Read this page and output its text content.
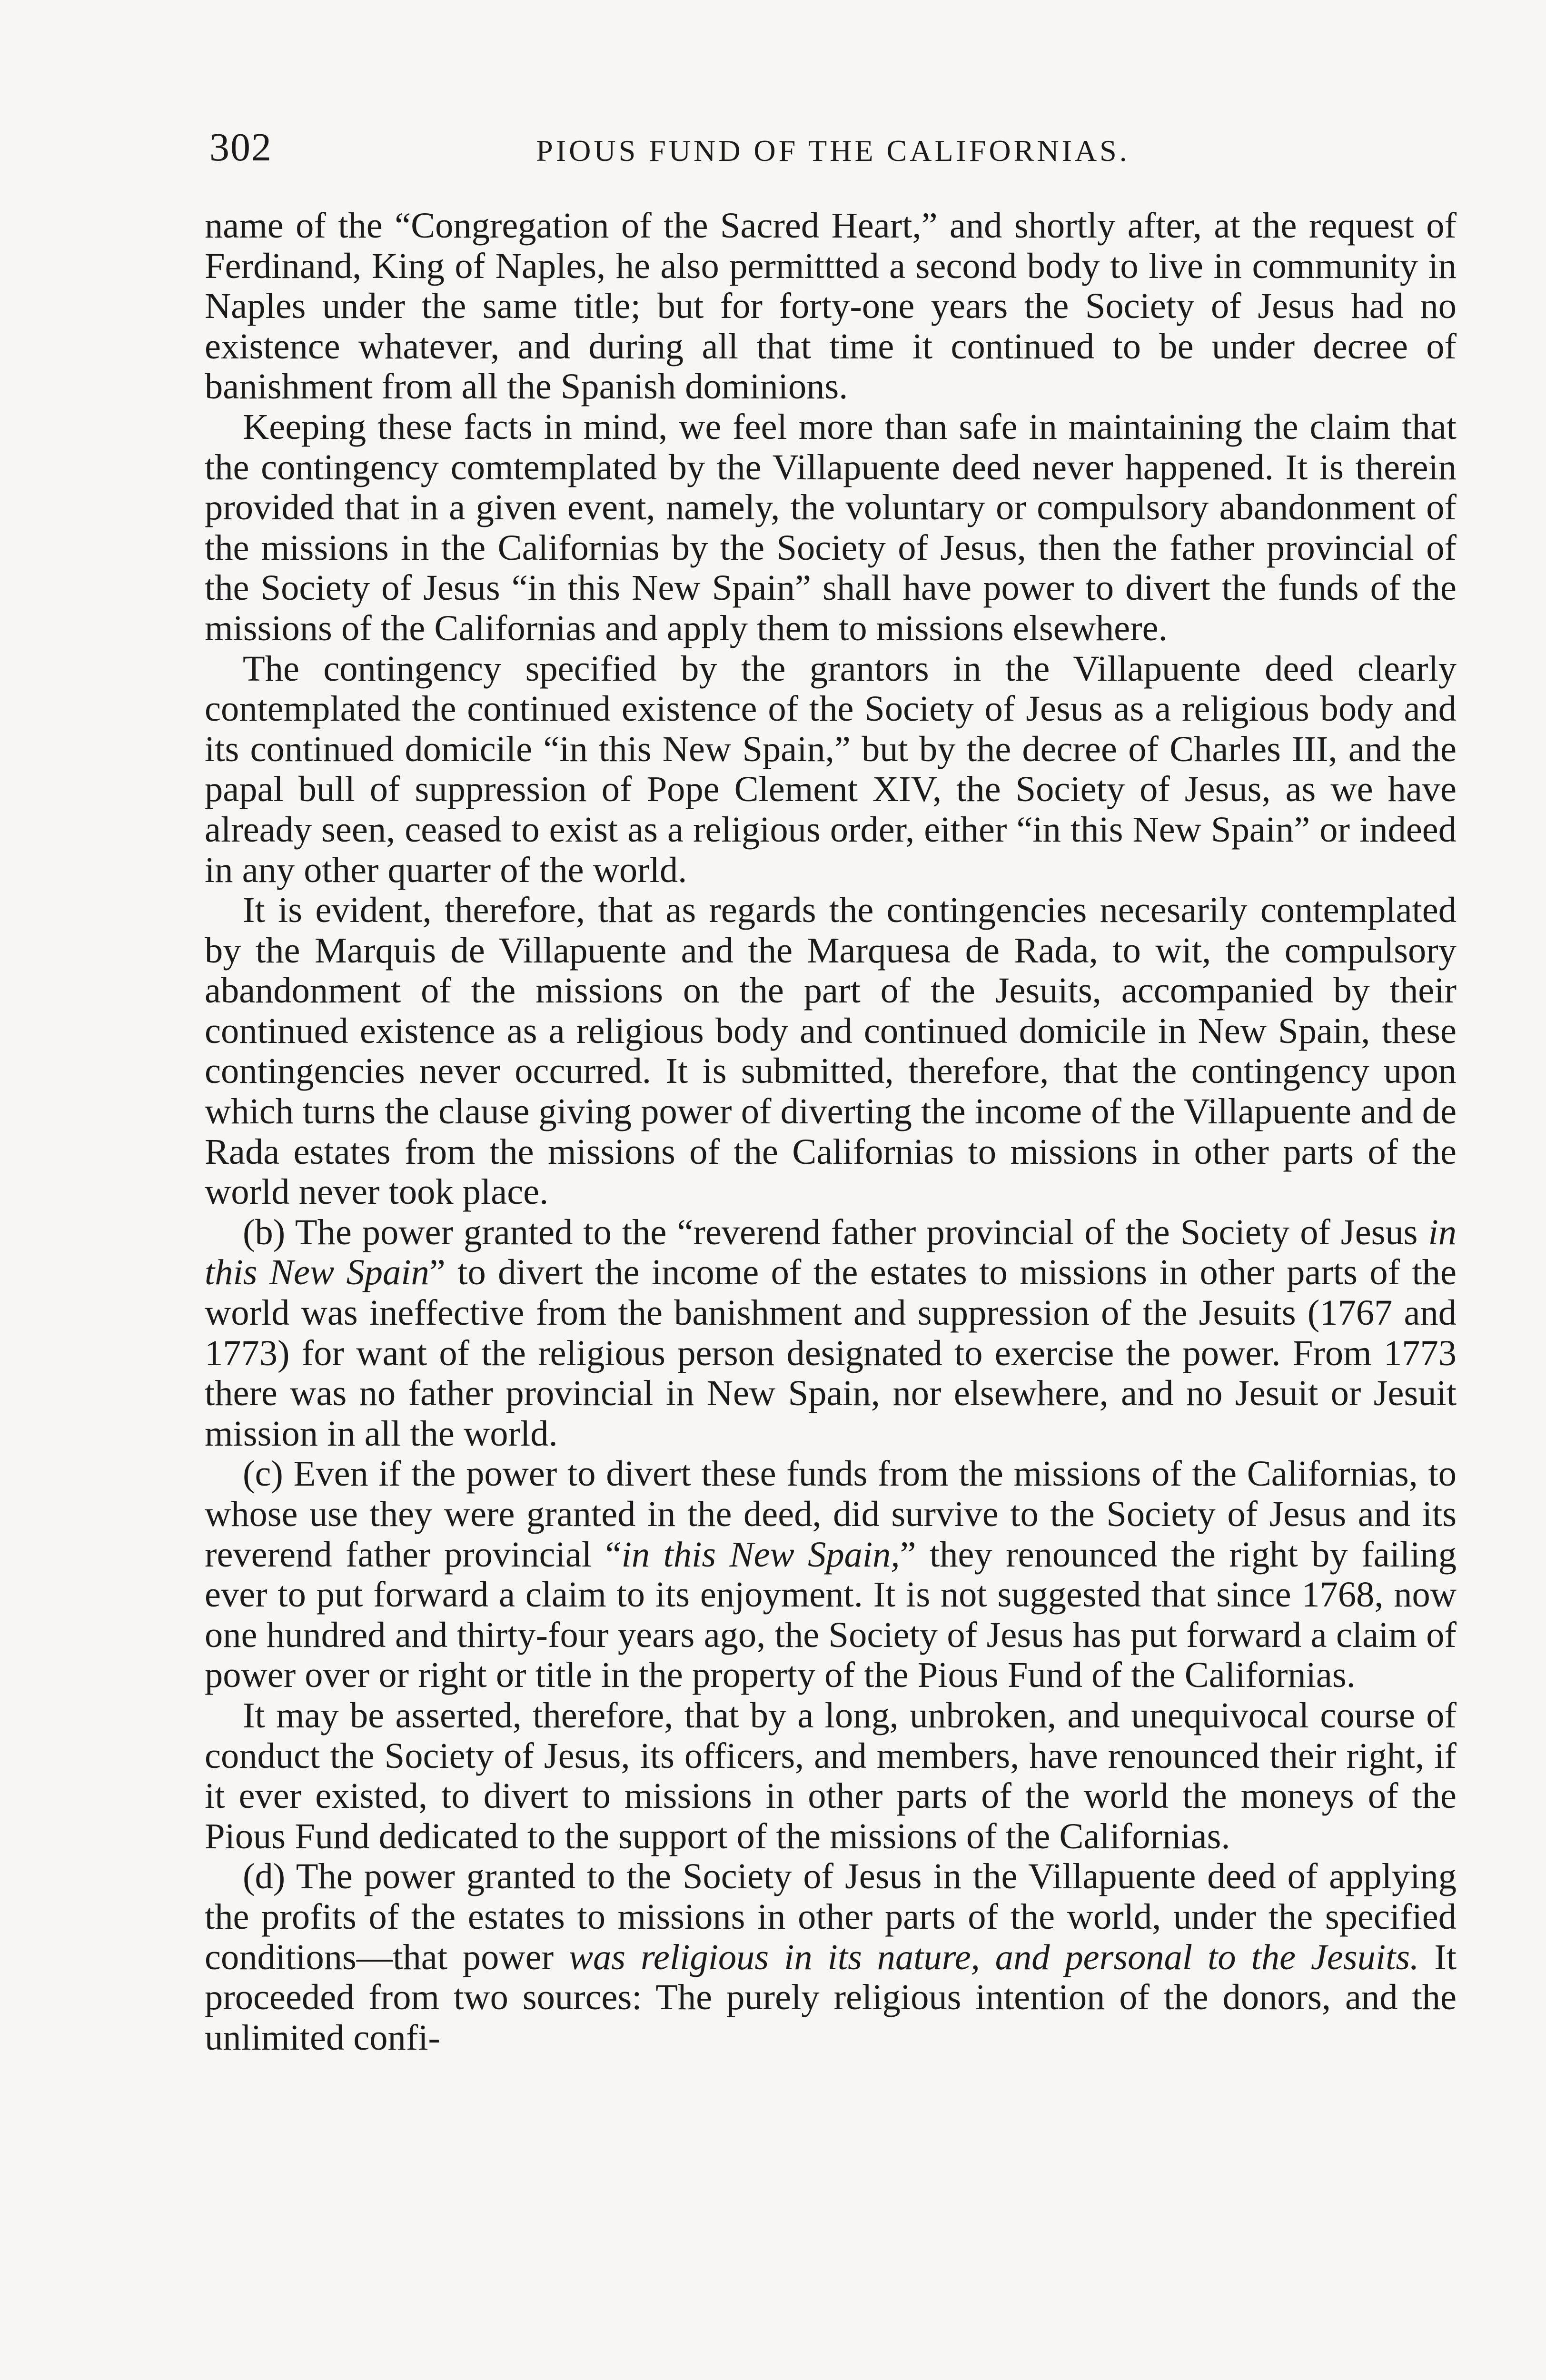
302	PIOUS FUND OF THE CALIFORNIAS.

name of the “Congregation of the Sacred Heart,” and shortly after, at the request of Ferdinand, King of Naples, he also permittted a second body to live in community in Naples under the same title; but for forty-one years the Society of Jesus had no existence whatever, and during all that time it continued to be under decree of banishment from all the Spanish dominions.

Keeping these facts in mind, we feel more than safe in maintaining the claim that the contingency comtemplated by the Villapuente deed never happened. It is therein provided that in a given event, namely, the voluntary or compulsory abandonment of the missions in the Californias by the Society of Jesus, then the father provincial of the Society of Jesus “in this New Spain” shall have power to divert the funds of the missions of the Californias and apply them to missions elsewhere.

The contingency specified by the grantors in the Villapuente deed clearly contemplated the continued existence of the Society of Jesus as a religious body and its continued domicile “in this New Spain,” but by the decree of Charles III, and the papal bull of suppression of Pope Clement XIV, the Society of Jesus, as we have already seen, ceased to exist as a religious order, either “in this New Spain” or indeed in any other quarter of the world.

It is evident, therefore, that as regards the contingencies necesarily contemplated by the Marquis de Villapuente and the Marquesa de Rada, to wit, the compulsory abandonment of the missions on the part of the Jesuits, accompanied by their continued existence as a religious body and continued domicile in New Spain, these contingencies never occurred. It is submitted, therefore, that the contingency upon which turns the clause giving power of diverting the income of the Villapuente and de Rada estates from the missions of the Californias to missions in other parts of the world never took place.

(b) The power granted to the “reverend father provincial of the Society of Jesus in this New Spain” to divert the income of the estates to missions in other parts of the world was ineffective from the banishment and suppression of the Jesuits (1767 and 1773) for want of the religious person designated to exercise the power. From 1773 there was no father provincial in New Spain, nor elsewhere, and no Jesuit or Jesuit mission in all the world.

(c) Even if the power to divert these funds from the missions of the Californias, to whose use they were granted in the deed, did survive to the Society of Jesus and its reverend father provincial “in this New Spain,” they renounced the right by failing ever to put forward a claim to its enjoyment. It is not suggested that since 1768, now one hundred and thirty-four years ago, the Society of Jesus has put forward a claim of power over or right or title in the property of the Pious Fund of the Californias.

It may be asserted, therefore, that by a long, unbroken, and unequivocal course of conduct the Society of Jesus, its officers, and members, have renounced their right, if it ever existed, to divert to missions in other parts of the world the moneys of the Pious Fund dedicated to the support of the missions of the Californias.

(d) The power granted to the Society of Jesus in the Villapuente deed of applying the profits of the estates to missions in other parts of the world, under the specified conditions—that power was religious in its nature, and personal to the Jesuits. It proceeded from two sources: The purely religious intention of the donors, and the unlimited confi-
